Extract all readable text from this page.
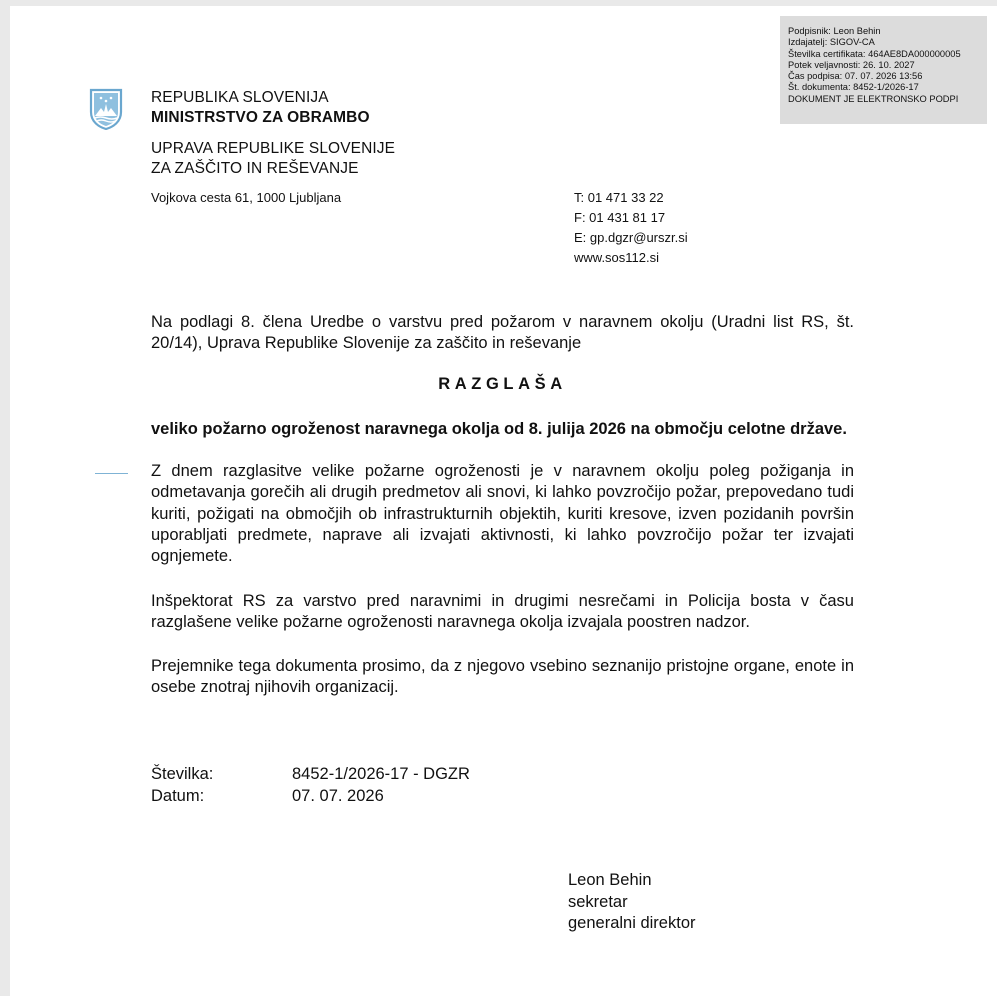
Podpisnik: Leon Behin
Izdajatelj: SIGOV-CA
Številka certifikata: 464AE8DA000000005
Potek veljavnosti: 26. 10. 2027
Čas podpisa: 07. 07. 2026 13:56
Št. dokumenta: 8452-1/2026-17
DOKUMENT JE ELEKTRONSKO PODPI
REPUBLIKA SLOVENIJA
MINISTRSTVO ZA OBRAMBO
UPRAVA REPUBLIKE SLOVENIJE
ZA ZAŠČITO IN REŠEVANJE
Vojkova cesta 61, 1000 Ljubljana	T: 01 471 33 22
F: 01 431 81 17
E: gp.dgzr@urszr.si
www.sos112.si
Na podlagi 8. člena Uredbe o varstvu pred požarom v naravnem okolju (Uradni list RS, št. 20/14), Uprava Republike Slovenije za zaščito in reševanje
RAZGLAŠA
veliko požarno ogroženost naravnega okolja od 8. julija 2026 na območju celotne države.
Z dnem razglasitve velike požarne ogroženosti je v naravnem okolju poleg požiganja in odmetavanja gorečih ali drugih predmetov ali snovi, ki lahko povzročijo požar, prepovedano tudi kuriti, požigati na območjih ob infrastrukturnih objektih, kuriti kresove, izven pozidanih površin uporabljati predmete, naprave ali izvajati aktivnosti, ki lahko povzročijo požar ter izvajati ognjemete.
Inšpektorat RS za varstvo pred naravnimi in drugimi nesrečami in Policija bosta v času razglašene velike požarne ogroženosti naravnega okolja izvajala poostren nadzor.
Prejemnike tega dokumenta prosimo, da z njegovo vsebino seznanijo pristojne organe, enote in osebe znotraj njihovih organizacij.
Številka:	8452-1/2026-17 - DGZR
Datum:	07. 07. 2026
Leon Behin
sekretar
generalni direktor
